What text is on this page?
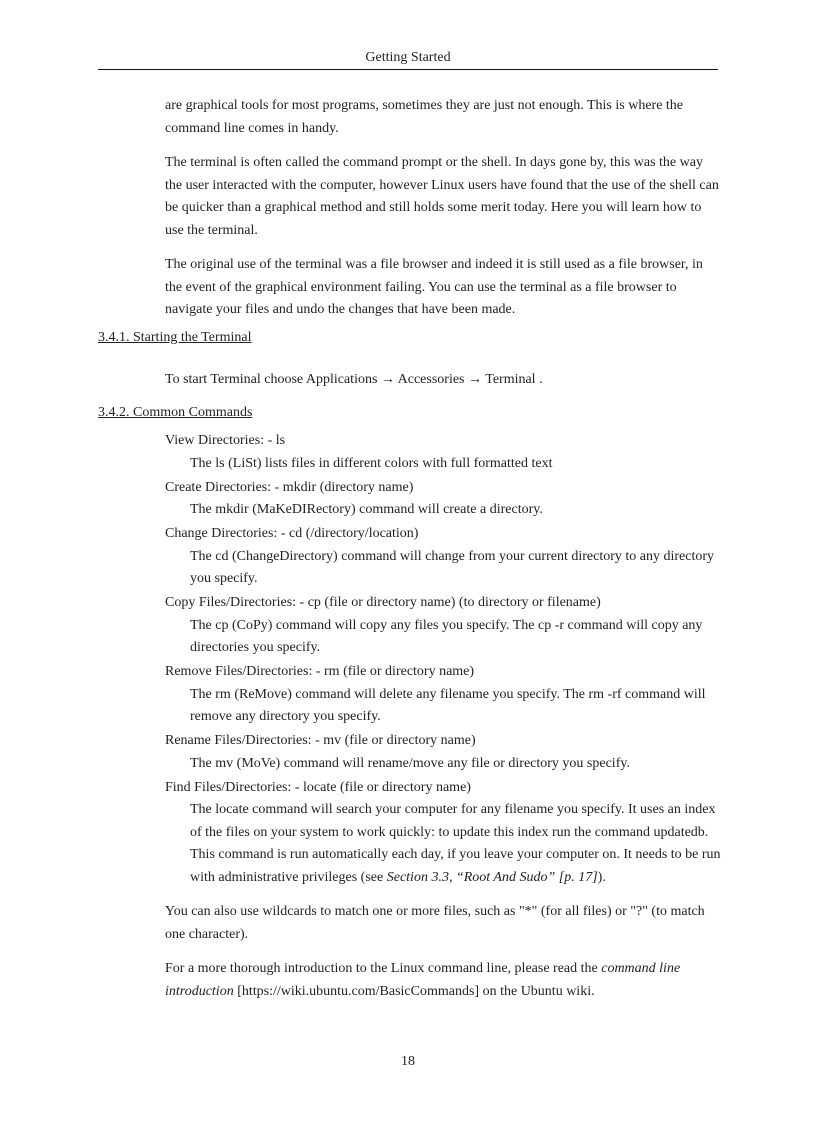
Getting Started

are graphical tools for most programs, sometimes they are just not enough. This is where the command line comes in handy.

The terminal is often called the command prompt or the shell. In days gone by, this was the way the user interacted with the computer, however Linux users have found that the use of the shell can be quicker than a graphical method and still holds some merit today. Here you will learn how to use the terminal.

The original use of the terminal was a file browser and indeed it is still used as a file browser, in the event of the graphical environment failing. You can use the terminal as a file browser to navigate your files and undo the changes that have been made.

3.4.1. Starting the Terminal
To start Terminal choose Applications → Accessories → Terminal .
3.4.2. Common Commands
View Directories: - ls
The ls (LiSt) lists files in different colors with full formatted text
Create Directories: - mkdir (directory name)
The mkdir (MaKeDIRectory) command will create a directory.
Change Directories: - cd (/directory/location)
The cd (ChangeDirectory) command will change from your current directory to any directory you specify.
Copy Files/Directories: - cp (file or directory name) (to directory or filename)
The cp (CoPy) command will copy any files you specify. The cp -r command will copy any directories you specify.
Remove Files/Directories: - rm (file or directory name)
The rm (ReMove) command will delete any filename you specify. The rm -rf command will remove any directory you specify.
Rename Files/Directories: - mv (file or directory name)
The mv (MoVe) command will rename/move any file or directory you specify.
Find Files/Directories: - locate (file or directory name)
The locate command will search your computer for any filename you specify. It uses an index of the files on your system to work quickly: to update this index run the command updatedb. This command is run automatically each day, if you leave your computer on. It needs to be run with administrative privileges (see Section 3.3, “Root And Sudo” [p. 17]).

You can also use wildcards to match one or more files, such as "*" (for all files) or "?" (to match one character).

For a more thorough introduction to the Linux command line, please read the command line introduction [https://wiki.ubuntu.com/BasicCommands] on the Ubuntu wiki.

18
